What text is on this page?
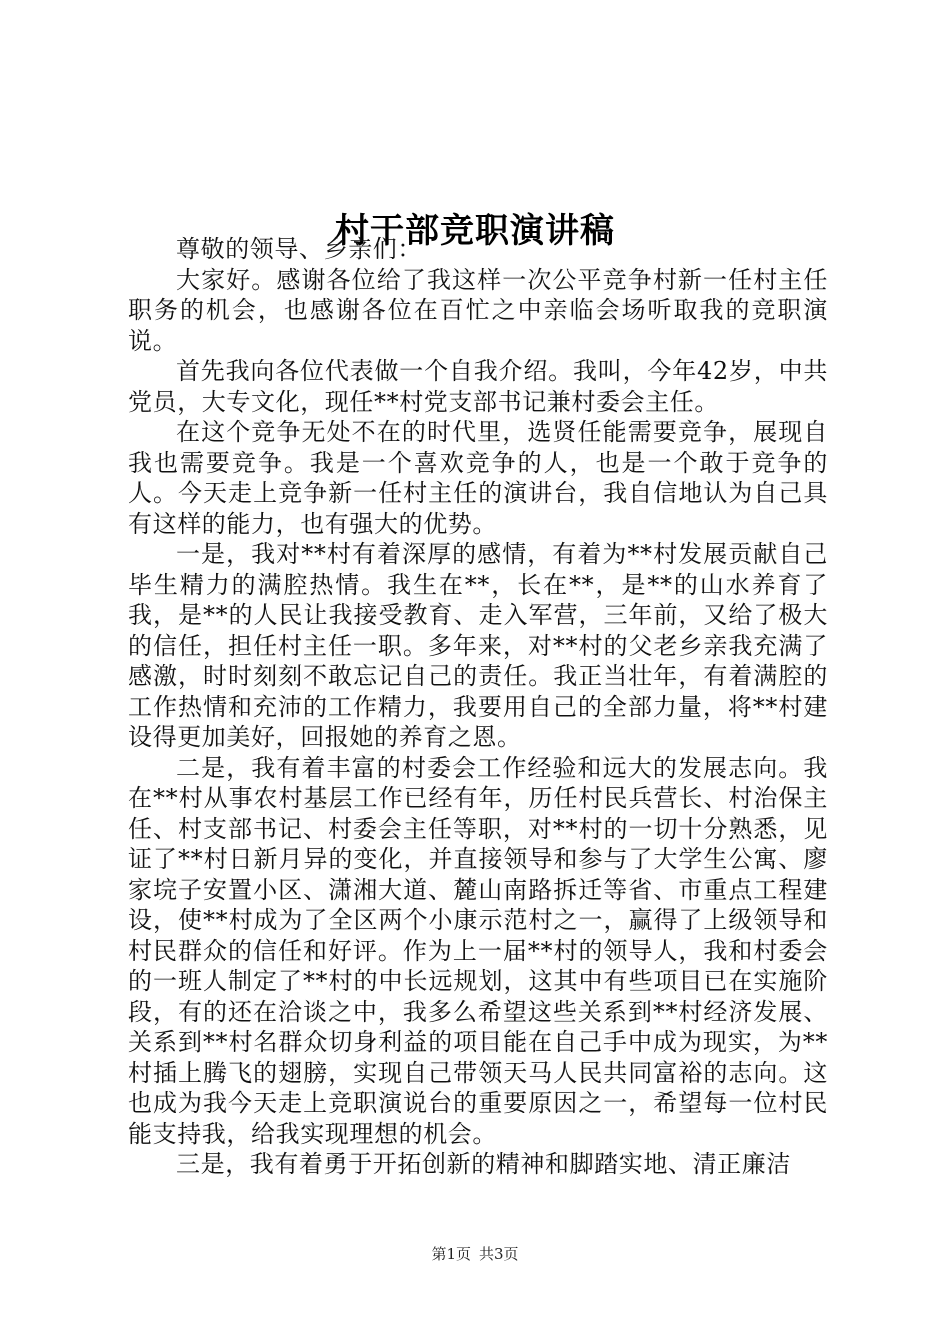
村干部竞职演讲稿

尊敬的领导、乡亲们：

大家好。感谢各位给了我这样一次公平竞争村新一任村主任职务的机会，也感谢各位在百忙之中亲临会场听取我的竞职演说。

首先我向各位代表做一个自我介绍。我叫，今年42岁，中共党员，大专文化，现任**村党支部书记兼村委会主任。

在这个竞争无处不在的时代里，选贤任能需要竞争，展现自我也需要竞争。我是一个喜欢竞争的人，也是一个敢于竞争的人。今天走上竞争新一任村主任的演讲台，我自信地认为自己具有这样的能力，也有强大的优势。

一是，我对**村有着深厚的感情，有着为**村发展贡献自己毕生精力的满腔热情。我生在**，长在**，是**的山水养育了我，是**的人民让我接受教育、走入军营，三年前，又给了极大的信任，担任村主任一职。多年来，对**村的父老乡亲我充满了感激，时时刻刻不敢忘记自己的责任。我正当壮年，有着满腔的工作热情和充沛的工作精力，我要用自己的全部力量，将**村建设得更加美好，回报她的养育之恩。

二是，我有着丰富的村委会工作经验和远大的发展志向。我在**村从事农村基层工作已经有年，历任村民兵营长、村治保主任、村支部书记、村委会主任等职，对**村的一切十分熟悉，见证了**村日新月异的变化，并直接领导和参与了大学生公寓、廖家垸子安置小区、潇湘大道、麓山南路拆迁等省、市重点工程建设，使**村成为了全区两个小康示范村之一，赢得了上级领导和村民群众的信任和好评。作为上一届**村的领导人，我和村委会的一班人制定了**村的中长远规划，这其中有些项目已在实施阶段，有的还在洽谈之中，我多么希望这些关系到**村经济发展、关系到**村名群众切身利益的项目能在自己手中成为现实，为**村插上腾飞的翅膀，实现自己带领天马人民共同富裕的志向。这也成为我今天走上竞职演说台的重要原因之一，希望每一位村民能支持我，给我实现理想的机会。

三是，我有着勇于开拓创新的精神和脚踏实地、清正廉洁

第1页 共3页
